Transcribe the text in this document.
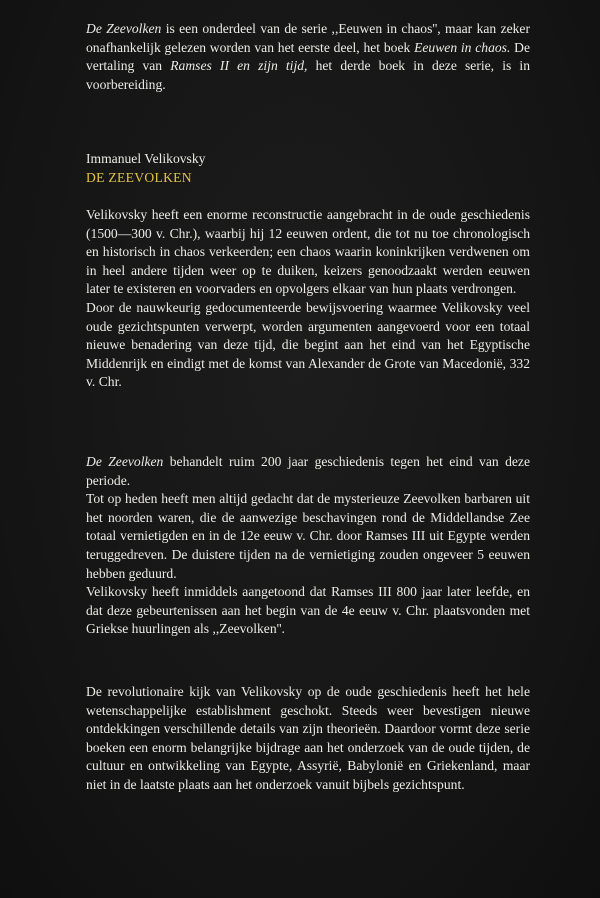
De Zeevolken is een onderdeel van de serie ,,Eeuwen in chaos'', maar kan zeker onafhankelijk gelezen worden van het eerste deel, het boek Eeuwen in chaos. De vertaling van Ramses II en zijn tijd, het derde boek in deze serie, is in voorbereiding.

Immanuel Velikovsky

DE ZEEVOLKEN

Velikovsky heeft een enorme reconstructie aangebracht in de oude geschiedenis (1500—300 v. Chr.), waarbij hij 12 eeuwen ordent, die tot nu toe chronologisch en historisch in chaos verkeerden; een chaos waarin koninkrijken verdwenen om in heel andere tijden weer op te duiken, keizers genoodzaakt werden eeuwen later te existeren en voorvaders en opvolgers elkaar van hun plaats verdrongen.

Door de nauwkeurig gedocumenteerde bewijsvoering waarmee Velikovsky veel oude gezichtspunten verwerpt, worden argumenten aangevoerd voor een totaal nieuwe benadering van deze tijd, die begint aan het eind van het Egyptische Middenrijk en eindigt met de komst van Alexander de Grote van Macedonië, 332 v. Chr.

De Zeevolken behandelt ruim 200 jaar geschiedenis tegen het eind van deze periode.

Tot op heden heeft men altijd gedacht dat de mysterieuze Zeevolken barbaren uit het noorden waren, die de aanwezige beschavingen rond de Middellandse Zee totaal vernietigden en in de 12e eeuw v. Chr. door Ramses III uit Egypte werden teruggedreven. De duistere tijden na de vernietiging zouden ongeveer 5 eeuwen hebben geduurd.

Velikovsky heeft inmiddels aangetoond dat Ramses III 800 jaar later leefde, en dat deze gebeurtenissen aan het begin van de 4e eeuw v. Chr. plaatsvonden met Griekse huurlingen als ,,Zeevolken''.

De revolutionaire kijk van Velikovsky op de oude geschiedenis heeft het hele wetenschappelijke establishment geschokt. Steeds weer bevestigen nieuwe ontdekkingen verschillende details van zijn theorieën. Daardoor vormt deze serie boeken een enorm belangrijke bijdrage aan het onderzoek van de oude tijden, de cultuur en ontwikkeling van Egypte, Assyrië, Babylonië en Griekenland, maar niet in de laatste plaats aan het onderzoek vanuit bijbels gezichtspunt.
